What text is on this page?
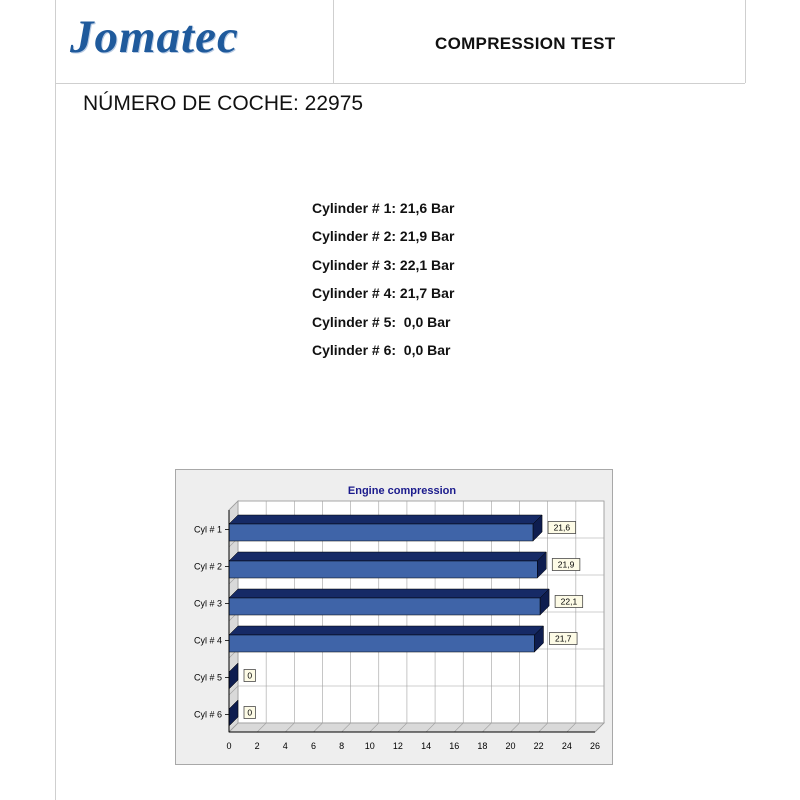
Jomatec	COMPRESSION TEST
NÚMERO DE COCHE: 22975
Cylinder # 1: 21,6 Bar
Cylinder # 2: 21,9 Bar
Cylinder # 3: 22,1 Bar
Cylinder # 4: 21,7 Bar
Cylinder # 5:  0,0 Bar
Cylinder # 6:  0,0 Bar
Engine compression
0	2	4	6	8 10 12 14 16 18 20 22 24 26
Cyl # 1	21,6
Cyl # 2	21,9
Cyl # 3	22,1
Cyl # 4	21,7
Cyl # 5	0
Cyl # 6	0
